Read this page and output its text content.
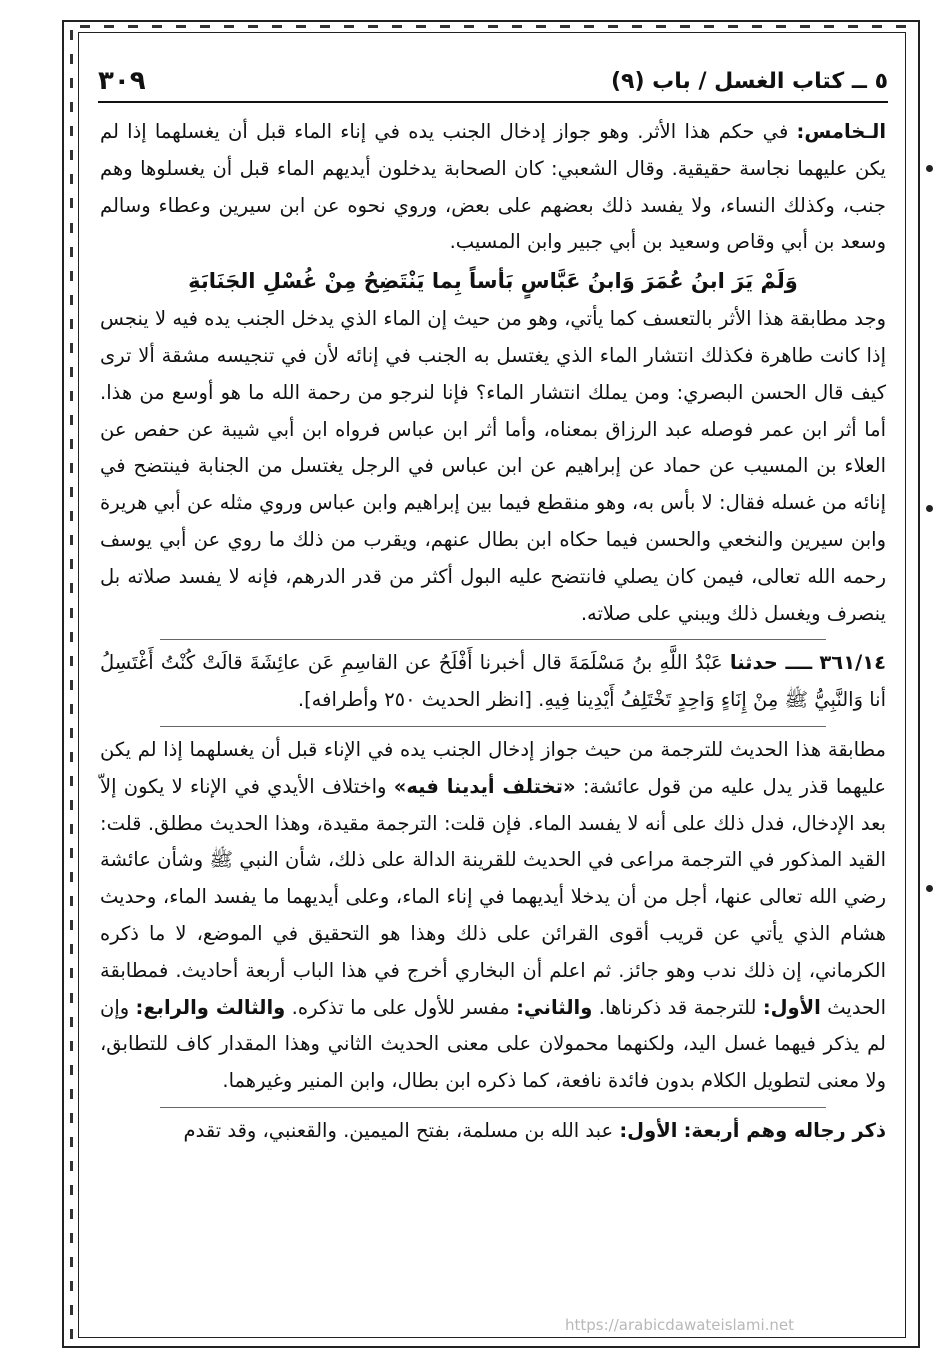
٥ ــ كتاب الغسل / باب (٩)
٣٠٩

الـخامس: في حكم هذا الأثر. وهو جواز إدخال الجنب يده في إناء الماء قبل أن يغسلهما إذا لم يكن عليهما نجاسة حقيقية. وقال الشعبي: كان الصحابة يدخلون أيديهم الماء قبل أن يغسلوها وهم جنب، وكذلك النساء، ولا يفسد ذلك بعضهم على بعض، وروي نحوه عن ابن سيرين وعطاء وسالم وسعد بن أبي وقاص وسعيد بن أبي جبير وابن المسيب.

وَلَمْ يَرَ ابنُ عُمَرَ وَابنُ عَبَّاسٍ بَأساً بِما يَنْتَضِحُ مِنْ غُسْلِ الجَنَابَةِ

وجد مطابقة هذا الأثر بالتعسف كما يأتي، وهو من حيث إن الماء الذي يدخل الجنب يده فيه لا ينجس إذا كانت طاهرة فكذلك انتشار الماء الذي يغتسل به الجنب في إنائه لأن في تنجيسه مشقة ألا ترى كيف قال الحسن البصري: ومن يملك انتشار الماء؟ فإنا لنرجو من رحمة الله ما هو أوسع من هذا. أما أثر ابن عمر فوصله عبد الرزاق بمعناه، وأما أثر ابن عباس فرواه ابن أبي شيبة عن حفص عن العلاء بن المسيب عن حماد عن إبراهيم عن ابن عباس في الرجل يغتسل من الجنابة فينتضح في إنائه من غسله فقال: لا بأس به، وهو منقطع فيما بين إبراهيم وابن عباس وروي مثله عن أبي هريرة وابن سيرين والنخعي والحسن فيما حكاه ابن بطال عنهم، ويقرب من ذلك ما روي عن أبي يوسف رحمه الله تعالى، فيمن كان يصلي فانتضح عليه البول أكثر من قدر الدرهم، فإنه لا يفسد صلاته بل ينصرف ويغسل ذلك ويبني على صلاته.

٣٦١/١٤ ــــ حدثنا عَبْدُ اللَّهِ بنُ مَسْلَمَةَ قال أخبرنا أَفْلَحُ عن القاسِمِ عَن عائِشَةَ قالَتْ كُنْتُ أَغْتَسِلُ أنا وَالنَّبِيُّ ﷺ مِنْ إِنَاءٍ وَاحِدٍ تَخْتَلِفُ أَيْدِينا فِيهِ. [انظر الحديث ٢٥٠ وأطرافه].

مطابقة هذا الحديث للترجمة من حيث جواز إدخال الجنب يده في الإناء قبل أن يغسلهما إذا لم يكن عليهما قذر يدل عليه من قول عائشة: «تختلف أيدينا فيه» واختلاف الأيدي في الإناء لا يكون إلاّ بعد الإدخال، فدل ذلك على أنه لا يفسد الماء. فإن قلت: الترجمة مقيدة، وهذا الحديث مطلق. قلت: القيد المذكور في الترجمة مراعى في الحديث للقرينة الدالة على ذلك، شأن النبي ﷺ وشأن عائشة رضي الله تعالى عنها، أجل من أن يدخلا أيديهما في إناء الماء، وعلى أيديهما ما يفسد الماء، وحديث هشام الذي يأتي عن قريب أقوى القرائن على ذلك وهذا هو التحقيق في الموضع، لا ما ذكره الكرماني، إن ذلك ندب وهو جائز. ثم اعلم أن البخاري أخرج في هذا الباب أربعة أحاديث. فمطابقة الحديث الأول: للترجمة قد ذكرناها. والثاني: مفسر للأول على ما تذكره. والثالث والرابع: وإن لم يذكر فيهما غسل اليد، ولكنهما محمولان على معنى الحديث الثاني وهذا المقدار كاف للتطابق، ولا معنى لتطويل الكلام بدون فائدة نافعة، كما ذكره ابن بطال، وابن المنير وغيرهما.

ذكر رجاله وهم أربعة: الأول: عبد الله بن مسلمة، بفتح الميمين. والقعنبي، وقد تقدم

https://arabicdawateislami.net
